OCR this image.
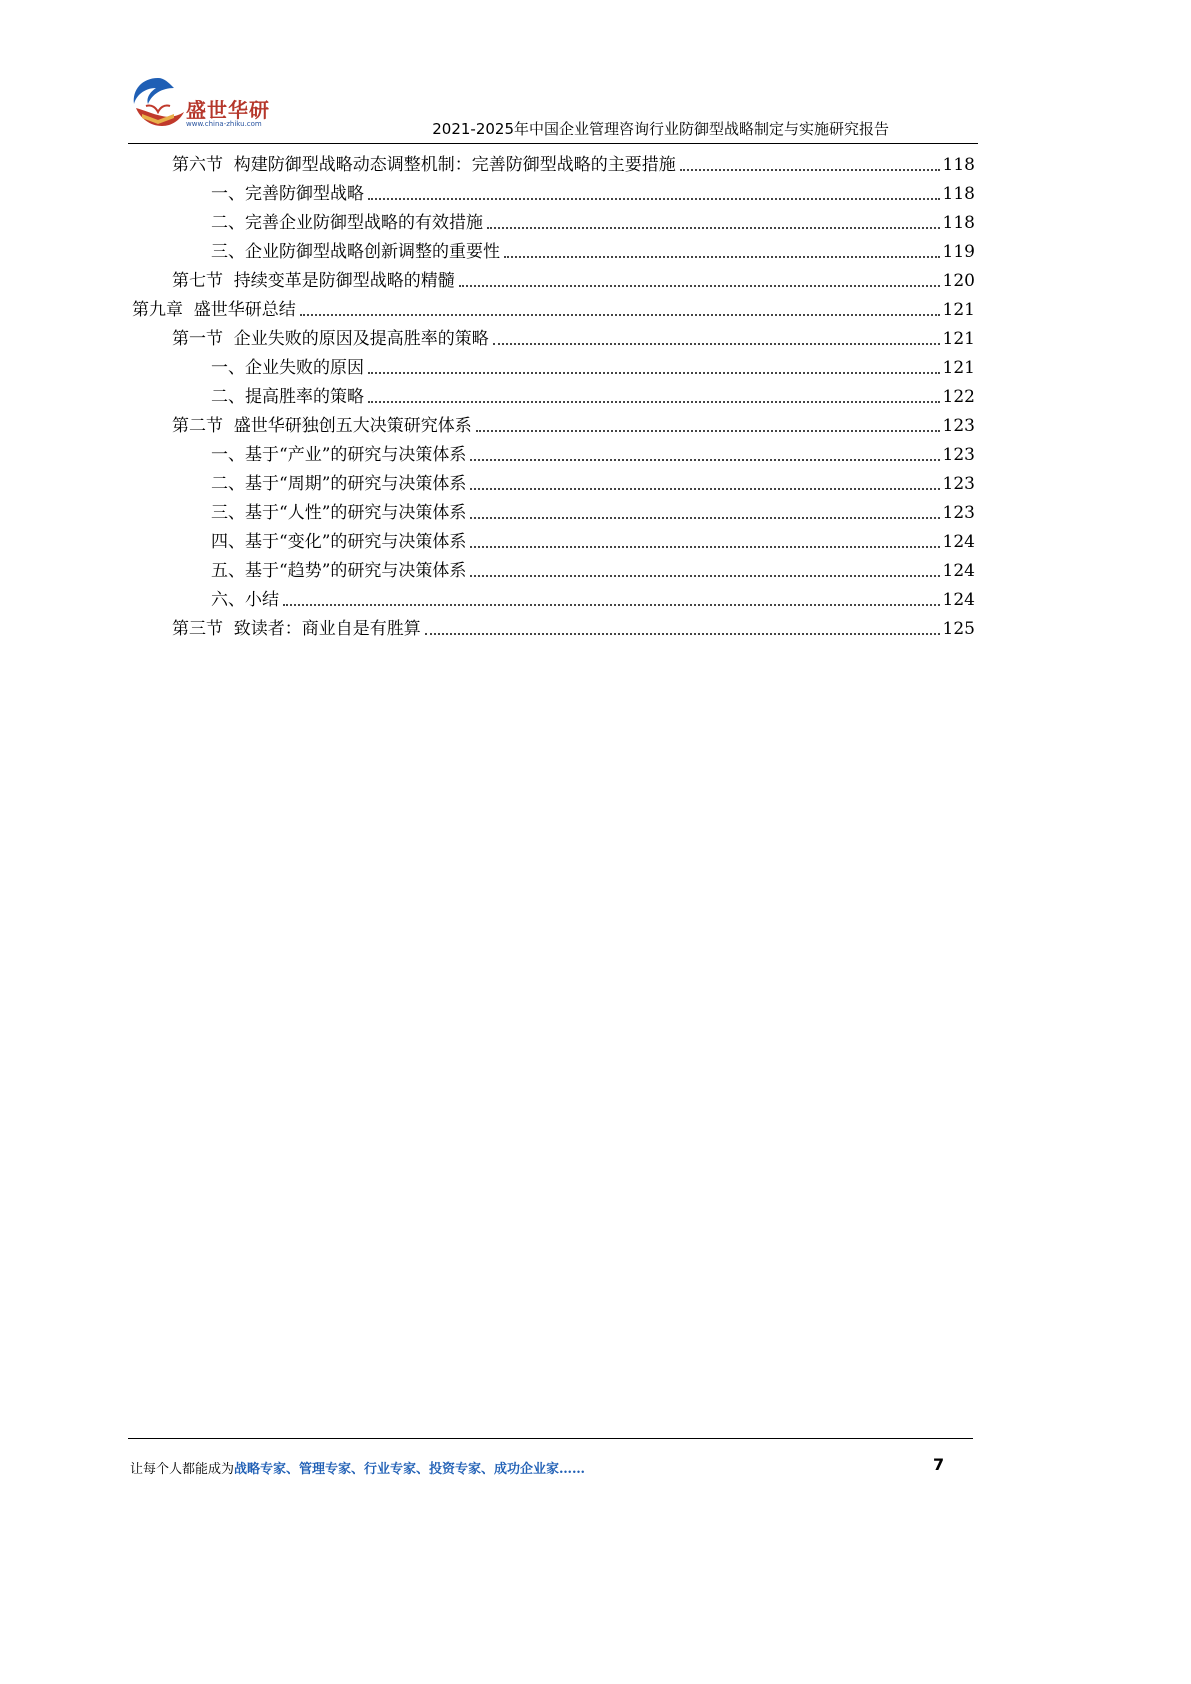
盛世华研
www.china-zhiku.com	2021-2025年中国企业管理咨询行业防御型战略制定与实施研究报告
第六节  构建防御型战略动态调整机制：完善防御型战略的主要措施	118
一、完善防御型战略	118
二、完善企业防御型战略的有效措施	118
三、企业防御型战略创新调整的重要性	119
第七节  持续变革是防御型战略的精髓	120
第九章  盛世华研总结	121
第一节  企业失败的原因及提高胜率的策略	121
一、企业失败的原因	121
二、提高胜率的策略	122
第二节  盛世华研独创五大决策研究体系	123
一、基于“产业”的研究与决策体系	123
二、基于“周期”的研究与决策体系	123
三、基于“人性”的研究与决策体系	123
四、基于“变化”的研究与决策体系	124
五、基于“趋势”的研究与决策体系	124
六、小结	124
第三节  致读者：商业自是有胜算	125
让每个人都能成为战略专家、管理专家、行业专家、投资专家、成功企业家……	7
